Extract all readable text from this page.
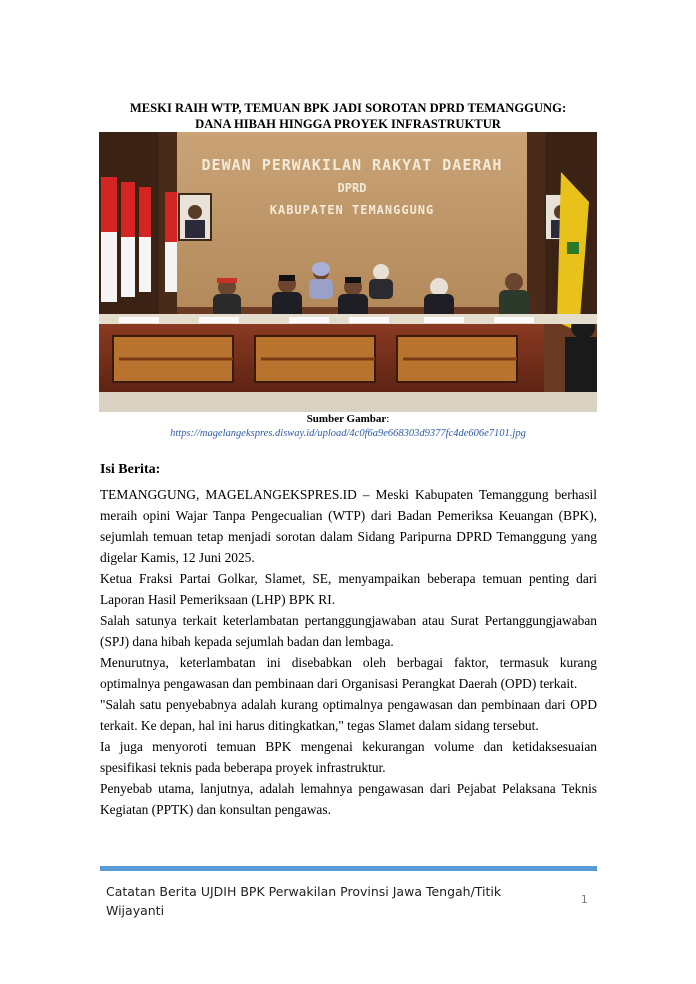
MESKI RAIH WTP, TEMUAN BPK JADI SOROTAN DPRD TEMANGGUNG:
DANA HIBAH HINGGA PROYEK INFRASTRUKTUR
DEWAN PERWAKILAN RAKYAT DAERAH
DPRD
KABUPATEN TEMANGGUNG
Sumber Gambar:
https://magelangekspres.disway.id/upload/4c0f6a9e668303d9377fc4de606e7101.jpg
Isi Berita:

TEMANGGUNG, MAGELANGEKSPRES.ID – Meski Kabupaten Temanggung berhasil meraih opini Wajar Tanpa Pengecualian (WTP) dari Badan Pemeriksa Keuangan (BPK), sejumlah temuan tetap menjadi sorotan dalam Sidang Paripurna DPRD Temanggung yang digelar Kamis, 12 Juni 2025.

Ketua Fraksi Partai Golkar, Slamet, SE, menyampaikan beberapa temuan penting dari Laporan Hasil Pemeriksaan (LHP) BPK RI.

Salah satunya terkait keterlambatan pertanggungjawaban atau Surat Pertanggungjawaban (SPJ) dana hibah kepada sejumlah badan dan lembaga.

Menurutnya, keterlambatan ini disebabkan oleh berbagai faktor, termasuk kurang optimalnya pengawasan dan pembinaan dari Organisasi Perangkat Daerah (OPD) terkait.

"Salah satu penyebabnya adalah kurang optimalnya pengawasan dan pembinaan dari OPD terkait. Ke depan, hal ini harus ditingkatkan," tegas Slamet dalam sidang tersebut.

Ia juga menyoroti temuan BPK mengenai kekurangan volume dan ketidaksesuaian spesifikasi teknis pada beberapa proyek infrastruktur.

Penyebab utama, lanjutnya, adalah lemahnya pengawasan dari Pejabat Pelaksana Teknis Kegiatan (PPTK) dan konsultan pengawas.

Catatan Berita UJDIH BPK Perwakilan Provinsi Jawa Tengah/Titik Wijayanti
1
